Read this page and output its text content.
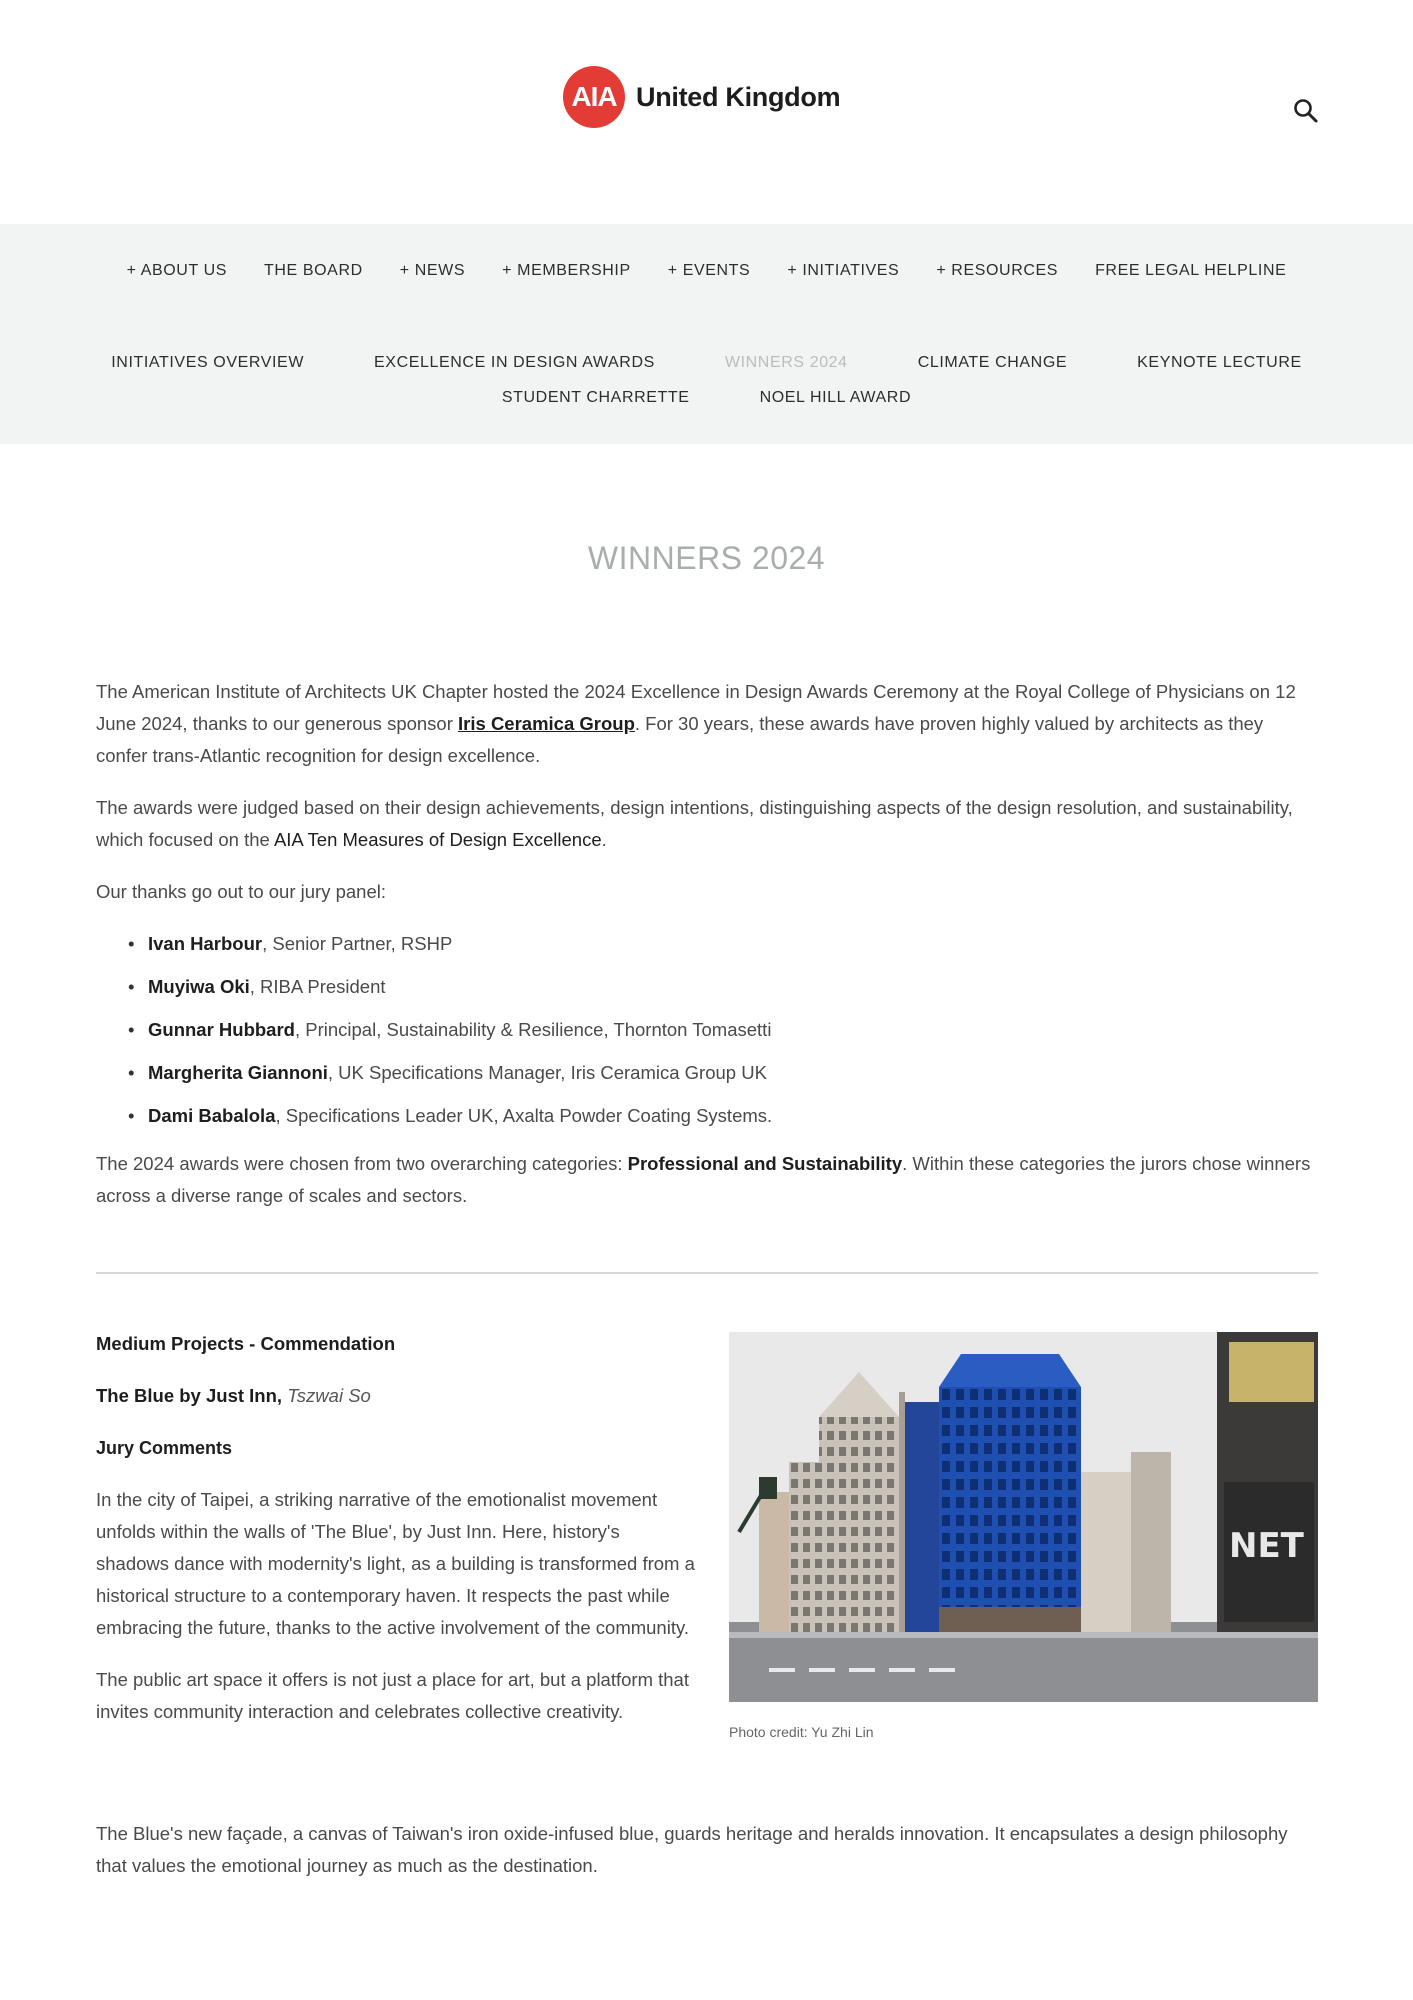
AIA United Kingdom
+ ABOUT US THE BOARD + NEWS + MEMBERSHIP + EVENTS + INITIATIVES + RESOURCES FREE LEGAL HELPLINE
INITIATIVES OVERVIEW	EXCELLENCE IN DESIGN AWARDS	WINNERS 2024	CLIMATE CHANGE	KEYNOTE LECTURE
STUDENT CHARRETTE	NOEL HILL AWARD
WINNERS 2024

The American Institute of Architects UK Chapter hosted the 2024 Excellence in Design Awards Ceremony at the Royal College of Physicians on 12 June 2024, thanks to our generous sponsor Iris Ceramica Group. For 30 years, these awards have proven highly valued by architects as they confer trans-Atlantic recognition for design excellence.

The awards were judged based on their design achievements, design intentions, distinguishing aspects of the design resolution, and sustainability, which focused on the AIA Ten Measures of Design Excellence.

Our thanks go out to our jury panel:

• Ivan Harbour, Senior Partner, RSHP
• Muyiwa Oki, RIBA President
• Gunnar Hubbard, Principal, Sustainability & Resilience, Thornton Tomasetti
• Margherita Giannoni, UK Specifications Manager, Iris Ceramica Group UK
• Dami Babalola, Specifications Leader UK, Axalta Powder Coating Systems.

The 2024 awards were chosen from two overarching categories: Professional and Sustainability. Within these categories the jurors chose winners across a diverse range of scales and sectors.

Medium Projects - Commendation

The Blue by Just Inn, Tszwai So

Jury Comments

In the city of Taipei, a striking narrative of the emotionalist movement unfolds within the walls of 'The Blue', by Just Inn. Here, history's shadows dance with modernity's light, as a building is transformed from a historical structure to a contemporary haven. It respects the past while embracing the future, thanks to the active involvement of the community.

The public art space it offers is not just a place for art, but a platform that invites community interaction and celebrates collective creativity.

The Blue's new façade, a canvas of Taiwan's iron oxide-infused blue, guards heritage and heralds innovation. It encapsulates a design philosophy that values the emotional journey as much as the destination.

NET
Photo credit: Yu Zhi Lin
